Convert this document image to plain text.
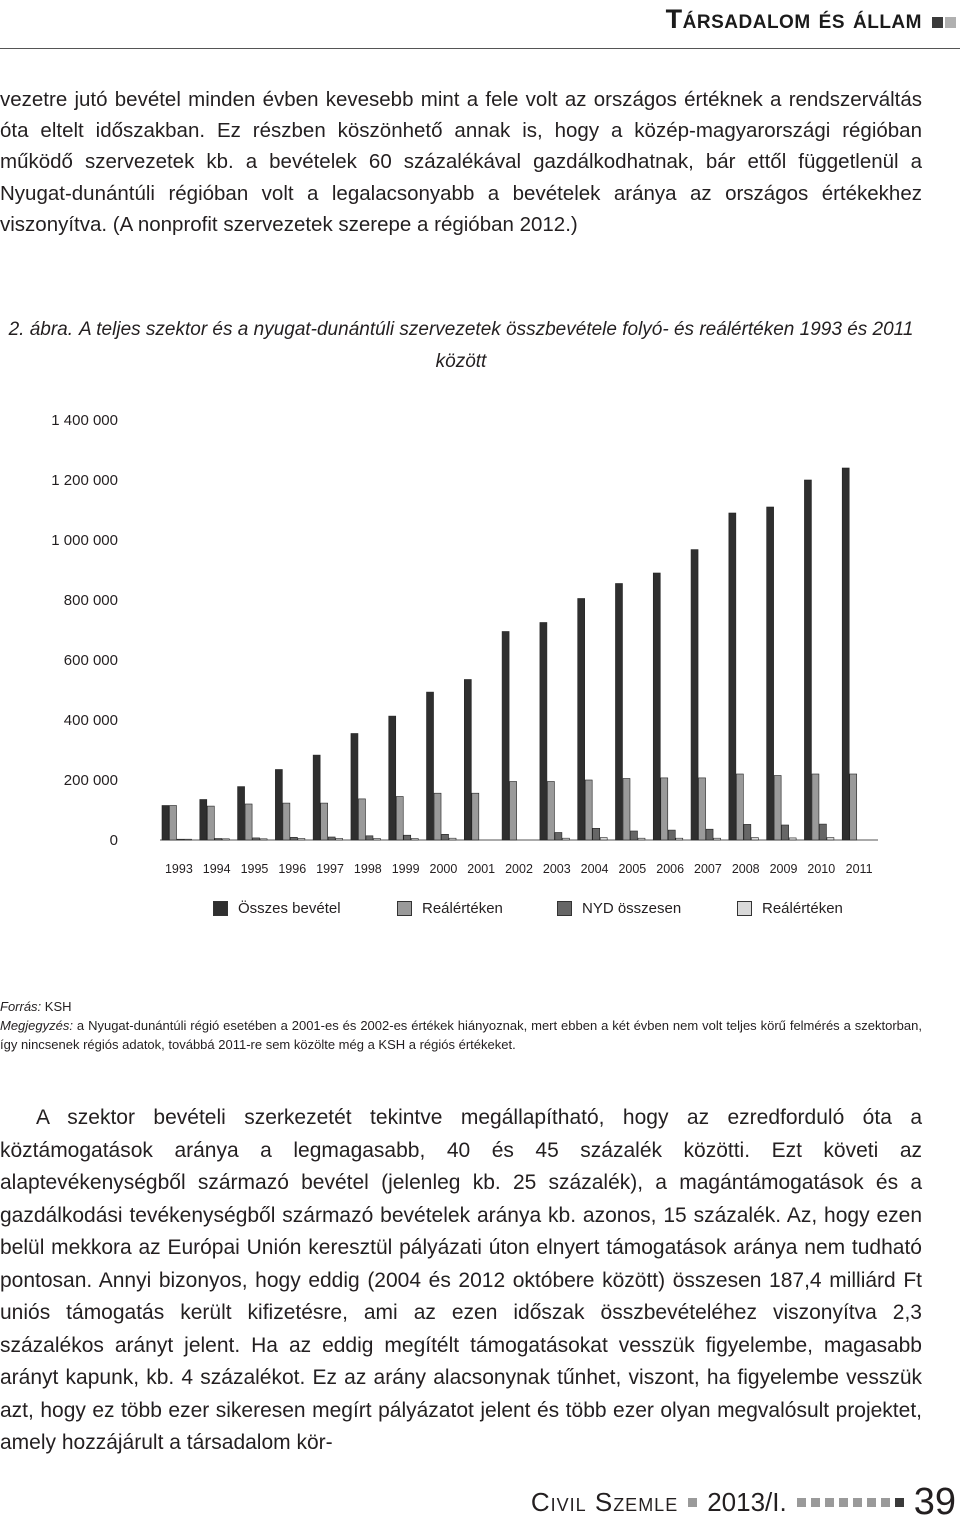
Társadalom és állam
vezetre jutó bevétel minden évben kevesebb mint a fele volt az országos értéknek a rendszerváltás óta eltelt időszakban. Ez részben köszönhető annak is, hogy a közép-magyarországi régióban működő szervezetek kb. a bevételek 60 százalékával gazdálkodhatnak, bár ettől függetlenül a Nyugat-dunántúli régióban volt a legalacsonyabb a bevételek aránya az országos értékekhez viszonyítva. (A nonprofit szervezetek szerepe a régióban 2012.)
2. ábra. A teljes szektor és a nyugat-dunántúli szervezetek összbevétele folyó- és reálértéken 1993 és 2011 között
0
200 000
400 000
600 000
800 000
1 000 000
1 200 000
1 400 000
1993 1994 1995 1996 1997 1998 1999 2000 2001 2002 2003 2004 2005 2006 2007 2008 2009 2010 2011
Összes bevétel	Reálértéken	NYD összesen	Reálértéken
Forrás: KSH
Megjegyzés: a Nyugat-dunántúli régió esetében a 2001-es és 2002-es értékek hiányoznak, mert ebben a két évben nem volt teljes körű felmérés a szektorban, így nincsenek régiós adatok, továbbá 2011-re sem közölte még a KSH a régiós értékeket.
A szektor bevételi szerkezetét tekintve megállapítható, hogy az ezredforduló óta a köztámogatások aránya a legmagasabb, 40 és 45 százalék közötti. Ezt követi az alaptevékenységből származó bevétel (jelenleg kb. 25 százalék), a magántámogatások és a gazdálkodási tevékenységből származó bevételek aránya kb. azonos, 15 százalék. Az, hogy ezen belül mekkora az Európai Unión keresztül pályázati úton elnyert támogatások aránya nem tudható pontosan. Annyi bizonyos, hogy eddig (2004 és 2012 októbere között) összesen 187,4 milliárd Ft uniós támogatás került kifizetésre, ami az ezen időszak összbevételéhez viszonyítva 2,3 százalékos arányt jelent. Ha az eddig megítélt támogatásokat vesszük figyelembe, magasabb arányt kapunk, kb. 4 százalékot. Ez az arány alacsonynak tűnhet, viszont, ha figyelembe vesszük azt, hogy ez több ezer sikeresen megírt pályázatot jelent és több ezer olyan megvalósult projektet, amely hozzájárult a társadalom kör-
Civil Szemle 2013/I.	39
